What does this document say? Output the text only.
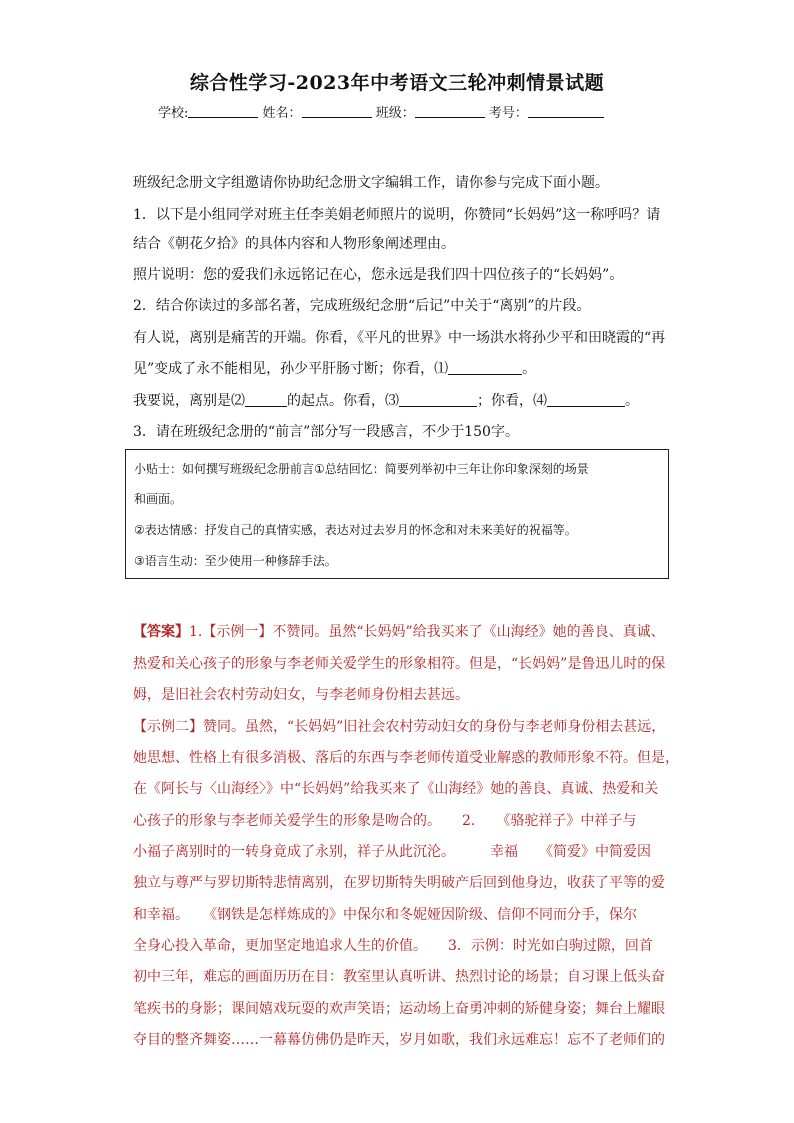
综合性学习-2023年中考语文三轮冲刺情景试题
学校:	姓名：	班级：	考号：
班级纪念册文字组邀请你协助纪念册文字编辑工作，请你参与完成下面小题。
1．以下是小组同学对班主任李美娟老师照片的说明，你赞同“长妈妈”这一称呼吗？请
结合《朝花夕拾》的具体内容和人物形象阐述理由。
照片说明：您的爱我们永远铭记在心，您永远是我们四十四位孩子的“长妈妈”。
2．结合你读过的多部名著，完成班级纪念册“后记”中关于“离别”的片段。
有人说，离别是痛苦的开端。你看，《平凡的世界》中一场洪水将孙少平和田晓霞的“再
见”变成了永不能相见，孙少平肝肠寸断；你看，⑴	。
我要说，离别是⑵	的起点。你看，⑶	；你看，⑷	。
3．请在班级纪念册的“前言”部分写一段感言，不少于150字。
小贴士：如何撰写班级纪念册前言①总结回忆：简要列举初中三年让你印象深刻的场景
和画面。
②表达情感：抒发自己的真情实感，表达对过去岁月的怀念和对未来美好的祝福等。
③语言生动：至少使用一种修辞手法。
【答案】1.【示例一】不赞同。虽然“长妈妈”给我买来了《山海经》她的善良、真诚、
热爱和关心孩子的形象与李老师关爱学生的形象相符。但是，“长妈妈”是鲁迅儿时的保
姆，是旧社会农村劳动妇女，与李老师身份相去甚远。
【示例二】赞同。虽然，“长妈妈”旧社会农村劳动妇女的身份与李老师身份相去甚远，
她思想、性格上有很多消极、落后的东西与李老师传道受业解惑的教师形象不符。但是，
在《阿长与〈山海经〉》中“长妈妈”给我买来了《山海经》她的善良、真诚、热爱和关
心孩子的形象与李老师关爱学生的形象是吻合的。　　2.　　《骆驼祥子》中祥子与
小福子离别时的一转身竟成了永别，祥子从此沉沦。　　　幸福　　《简爱》中简爱因
独立与尊严与罗切斯特悲情离别，在罗切斯特失明破产后回到他身边，收获了平等的爱
和幸福。　　《钢铁是怎样炼成的》中保尔和冬妮娅因阶级、信仰不同而分手，保尔
全身心投入革命，更加坚定地追求人生的价值。　　3．示例：时光如白驹过隙，回首
初中三年，难忘的画面历历在目：教室里认真听讲、热烈讨论的场景；自习课上低头奋
笔疾书的身影；课间嬉戏玩耍的欢声笑语；运动场上奋勇冲刺的矫健身姿；舞台上耀眼
夺目的整齐舞姿……一幕幕仿佛仍是昨天，岁月如歌，我们永远难忘！忘不了老师们的
